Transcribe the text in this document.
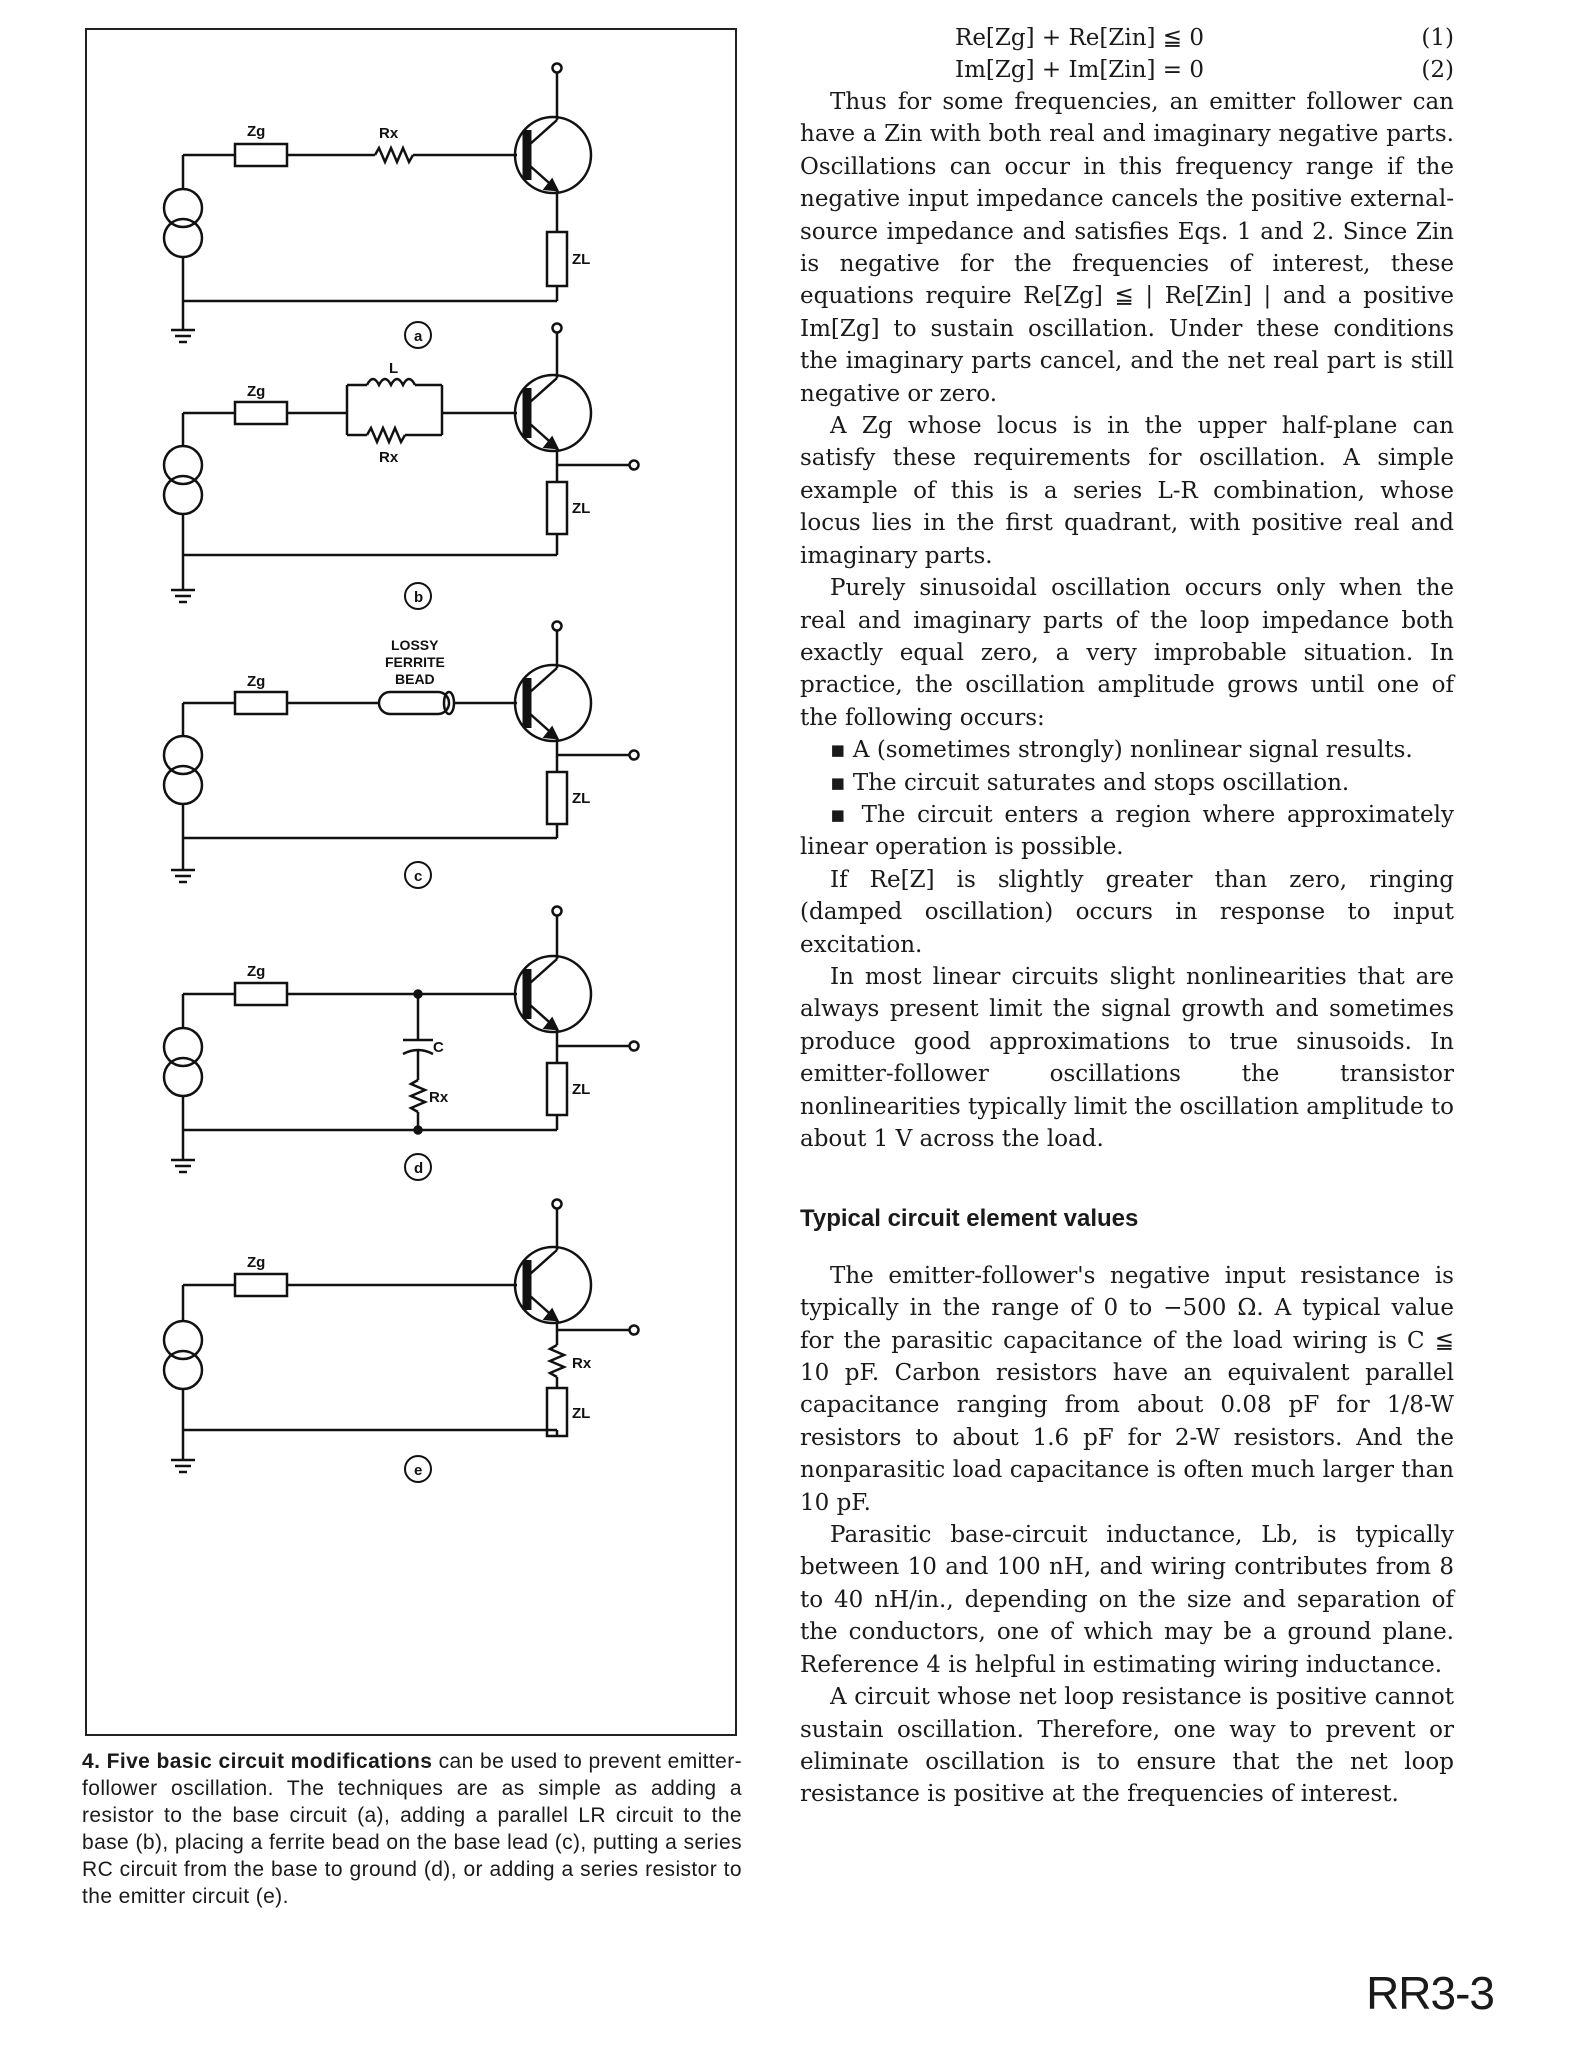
Zg	Rx
ZL
a
Zg
L
Rx
ZL
b
Zg
LOSSY
FERRITE
BEAD
ZL
c
Zg
C
Rx	ZL
d
Zg
Rx
ZL
e
4. Five basic circuit modifications can be used to prevent emitter-follower oscillation. The techniques are as simple as adding a resistor to the base circuit (a), adding a parallel LR circuit to the base (b), placing a ferrite bead on the base lead (c), putting a series RC circuit from the base to ground (d), or adding a series resistor to the emitter circuit (e).
Re[Zg] + Re[Zin] ≦ 0	(1)
Im[Zg] + Im[Zin] = 0	(2)

Thus for some frequencies, an emitter follower can have a Zin with both real and imaginary negative parts. Oscillations can occur in this frequency range if the negative input impedance cancels the positive external-source impedance and satisfies Eqs. 1 and 2. Since Zin is negative for the frequencies of interest, these equations require Re[Zg] ≦ | Re[Zin] | and a positive Im[Zg] to sustain oscillation. Under these conditions the imaginary parts cancel, and the net real part is still negative or zero.

A Zg whose locus is in the upper half-plane can satisfy these requirements for oscillation. A simple example of this is a series L-R combination, whose locus lies in the first quadrant, with positive real and imaginary parts.

Purely sinusoidal oscillation occurs only when the real and imaginary parts of the loop impedance both exactly equal zero, a very improbable situation. In practice, the oscillation amplitude grows until one of the following occurs:

▪ A (sometimes strongly) nonlinear signal results.

▪ The circuit saturates and stops oscillation.

▪ The circuit enters a region where approximately linear operation is possible.

If Re[Z] is slightly greater than zero, ringing (damped oscillation) occurs in response to input excitation.

In most linear circuits slight nonlinearities that are always present limit the signal growth and sometimes produce good approximations to true sinusoids. In emitter-follower oscillations the transistor nonlinearities typically limit the oscillation amplitude to about 1 V across the load.

Typical circuit element values

The emitter-follower's negative input resistance is typically in the range of 0 to −500 Ω. A typical value for the parasitic capacitance of the load wiring is C ≦ 10 pF. Carbon resistors have an equivalent parallel capacitance ranging from about 0.08 pF for 1/8-W resistors to about 1.6 pF for 2-W resistors. And the nonparasitic load capacitance is often much larger than 10 pF.

Parasitic base-circuit inductance, Lb, is typically between 10 and 100 nH, and wiring contributes from 8 to 40 nH/in., depending on the size and separation of the conductors, one of which may be a ground plane. Reference 4 is helpful in estimating wiring inductance.

A circuit whose net loop resistance is positive cannot sustain oscillation. Therefore, one way to prevent or eliminate oscillation is to ensure that the net loop resistance is positive at the frequencies of interest.

RR3-3
